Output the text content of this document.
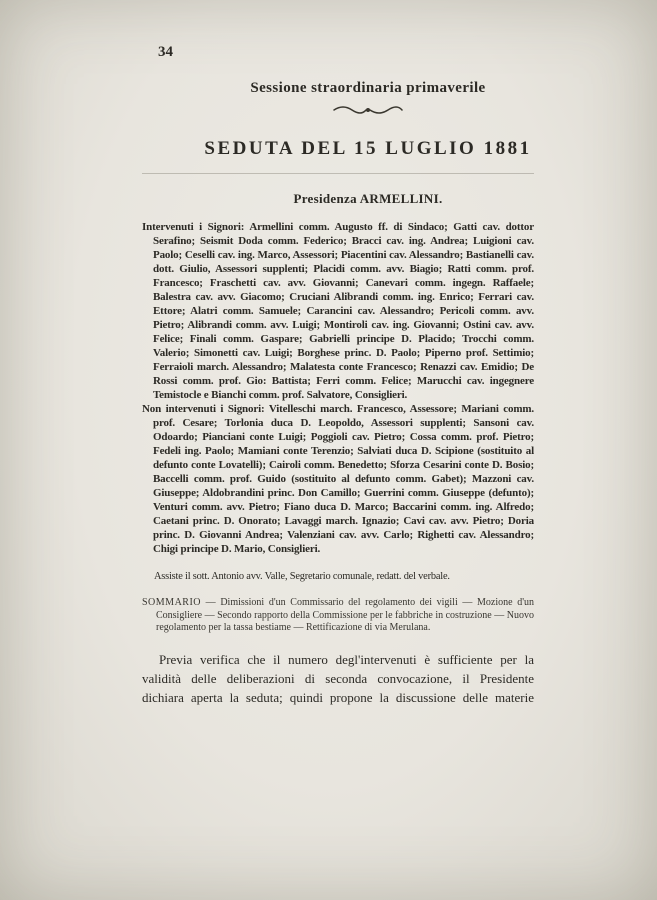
34
Sessione straordinaria primaverile
SEDUTA DEL 15 LUGLIO 1881
Presidenza ARMELLINI.

Intervenuti i Signori: Armellini comm. Augusto ff. di Sindaco; Gatti cav. dottor Serafino; Seismit Doda comm. Federico; Bracci cav. ing. Andrea; Luigioni cav. Paolo; Ceselli cav. ing. Marco, Assessori; Piacentini cav. Alessandro; Bastianelli cav. dott. Giulio, Assessori supplenti; Placidi comm. avv. Biagio; Ratti comm. prof. Francesco; Fraschetti cav. avv. Giovanni; Canevari comm. ingegn. Raffaele; Balestra cav. avv. Giacomo; Cruciani Alibrandi comm. ing. Enrico; Ferrari cav. Ettore; Alatri comm. Samuele; Carancini cav. Alessandro; Pericoli comm. avv. Pietro; Alibrandi comm. avv. Luigi; Montiroli cav. ing. Giovanni; Ostini cav. avv. Felice; Finali comm. Gaspare; Gabrielli principe D. Placido; Trocchi comm. Valerio; Simonetti cav. Luigi; Borghese princ. D. Paolo; Piperno prof. Settimio; Ferraioli march. Alessandro; Malatesta conte Francesco; Renazzi cav. Emidio; De Rossi comm. prof. Gio: Battista; Ferri comm. Felice; Marucchi cav. ingegnere Temistocle e Bianchi comm. prof. Salvatore, Consiglieri.

Non intervenuti i Signori: Vitelleschi march. Francesco, Assessore; Mariani comm. prof. Cesare; Torlonia duca D. Leopoldo, Assessori supplenti; Sansoni cav. Odoardo; Pianciani conte Luigi; Poggioli cav. Pietro; Cossa comm. prof. Pietro; Fedeli ing. Paolo; Mamiani conte Terenzio; Salviati duca D. Scipione (sostituito al defunto conte Lovatelli); Cairoli comm. Benedetto; Sforza Cesarini conte D. Bosio; Baccelli comm. prof. Guido (sostituito al defunto comm. Gabet); Mazzoni cav. Giuseppe; Aldobrandini princ. Don Camillo; Guerrini comm. Giuseppe (defunto); Venturi comm. avv. Pietro; Fiano duca D. Marco; Baccarini comm. ing. Alfredo; Caetani princ. D. Onorato; Lavaggi march. Ignazio; Cavi cav. avv. Pietro; Doria princ. D. Giovanni Andrea; Valenziani cav. avv. Carlo; Righetti cav. Alessandro; Chigi principe D. Mario, Consiglieri.

Assiste il sott. Antonio avv. Valle, Segretario comunale, redatt. del verbale.

SOMMARIO — Dimissioni d'un Commissario del regolamento dei vigili — Mozione d'un Consigliere — Secondo rapporto della Commissione per le fabbriche in costruzione — Nuovo regolamento per la tassa bestiame — Rettificazione di via Merulana.

Previa verifica che il numero degl'intervenuti è sufficiente per la validità delle deliberazioni di seconda convocazione, il Presidente dichiara aperta la seduta; quindi propone la discussione delle materie
